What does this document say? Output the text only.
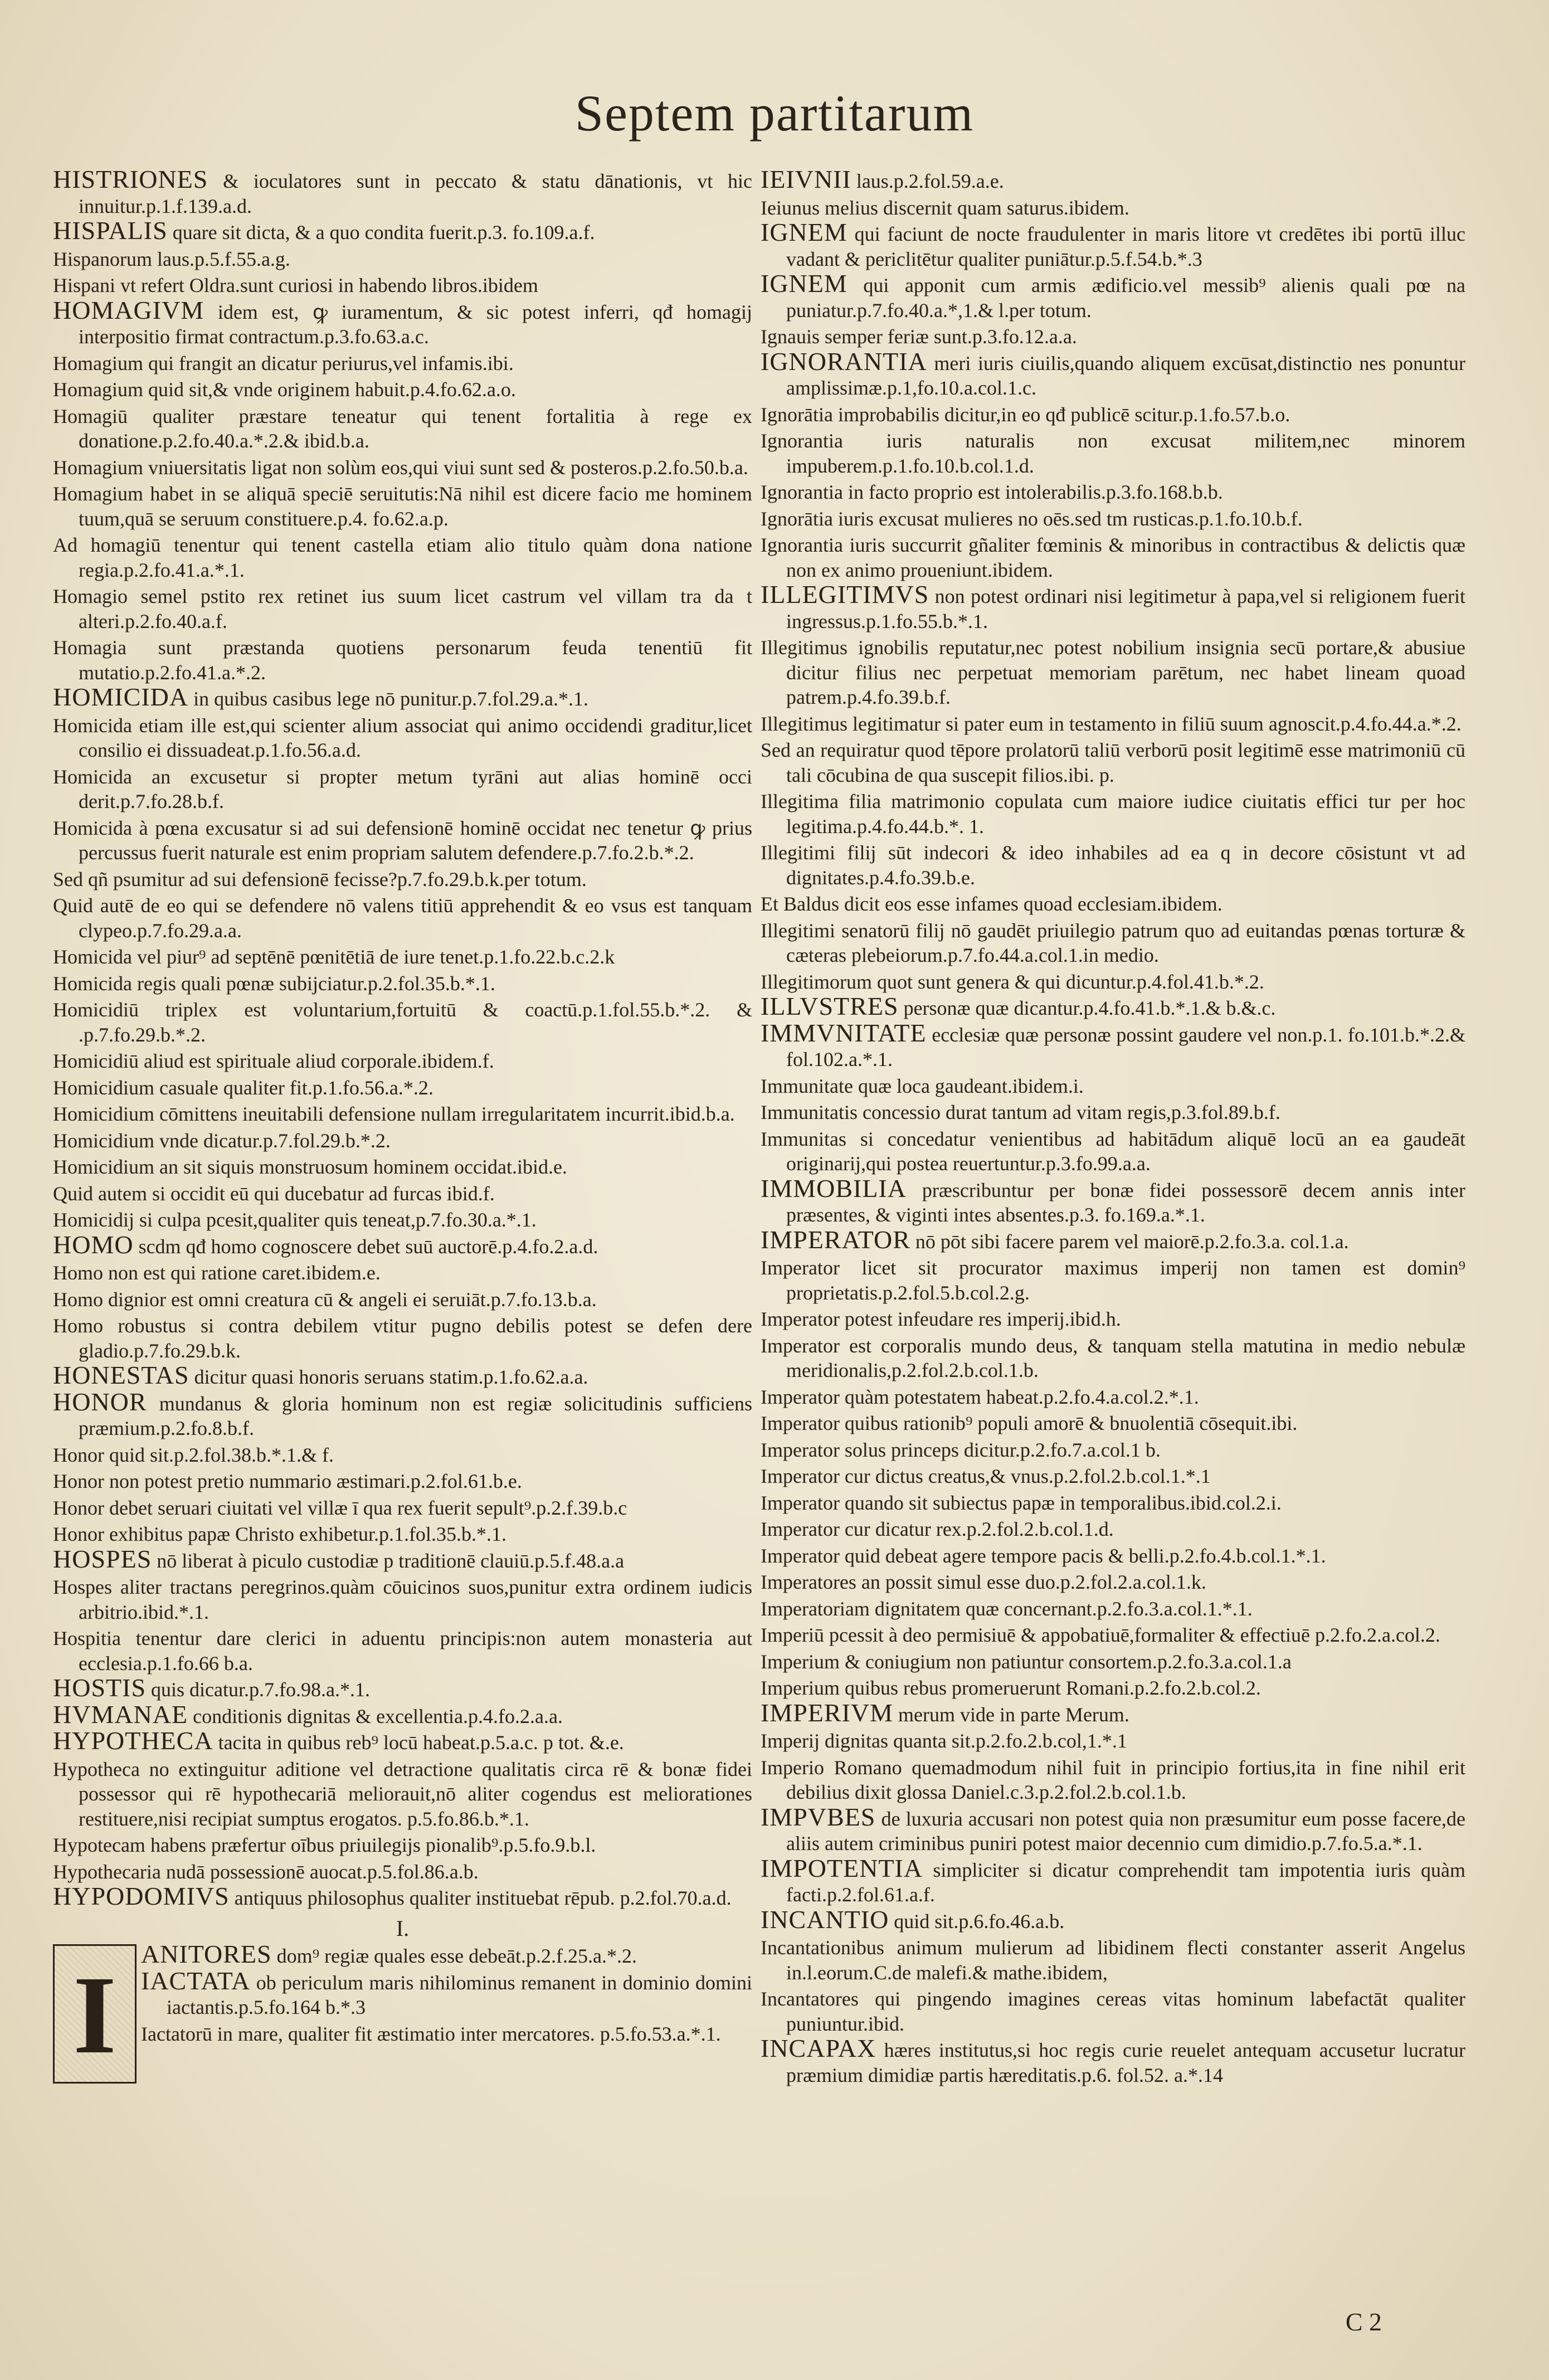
Septem partitarum

HISTRIONES & ioculatores sunt in peccato & statu dānationis, vt hic innuitur.p.1.f.139.a.d.

HISPALIS quare sit dicta, & a quo condita fuerit.p.3. fo.109.a.f.

Hispanorum laus.p.5.f.55.a.g.

Hispani vt refert Oldra.sunt curiosi in habendo libros.ibidem

HOMAGIVM idem est, ꝙ iuramentum, & sic potest inferri, qđ homagij interpositio firmat contractum.p.3.fo.63.a.c.

Homagium qui frangit an dicatur periurus,vel infamis.ibi.

Homagium quid sit,& vnde originem habuit.p.4.fo.62.a.o.

Homagiū qualiter præstare teneatur qui tenent fortalitia à rege ex donatione.p.2.fo.40.a.*.2.& ibid.b.a.

Homagium vniuersitatis ligat non solùm eos,qui viui sunt sed & posteros.p.2.fo.50.b.a.

Homagium habet in se aliquā speciē seruitutis:Nā nihil est dicere facio me hominem tuum,quā se seruum constituere.p.4. fo.62.a.p.

Ad homagiū tenentur qui tenent castella etiam alio titulo quàm dona natione regia.p.2.fo.41.a.*.1.

Homagio semel pstito rex retinet ius suum licet castrum vel villam tra da t alteri.p.2.fo.40.a.f.

Homagia sunt præstanda quotiens personarum feuda tenentiū fit mutatio.p.2.fo.41.a.*.2.

HOMICIDA in quibus casibus lege nō punitur.p.7.fol.29.a.*.1.

Homicida etiam ille est,qui scienter alium associat qui animo occidendi graditur,licet consilio ei dissuadeat.p.1.fo.56.a.d.

Homicida an excusetur si propter metum tyrāni aut alias hominē occi derit.p.7.fo.28.b.f.

Homicida à pœna excusatur si ad sui defensionē hominē occidat nec tenetur ꝙ prius percussus fuerit naturale est enim propriam salutem defendere.p.7.fo.2.b.*.2.

Sed qñ psumitur ad sui defensionē fecisse?p.7.fo.29.b.k.per totum.

Quid autē de eo qui se defendere nō valens titiū apprehendit & eo vsus est tanquam clypeo.p.7.fo.29.a.a.

Homicida vel piur⁹ ad septēnē pœnitētiā de iure tenet.p.1.fo.22.b.c.2.k

Homicida regis quali pœnæ subijciatur.p.2.fol.35.b.*.1.

Homicidiū triplex est voluntarium,fortuitū & coactū.p.1.fol.55.b.*.2. & .p.7.fo.29.b.*.2.

Homicidiū aliud est spirituale aliud corporale.ibidem.f.

Homicidium casuale qualiter fit.p.1.fo.56.a.*.2.

Homicidium cōmittens ineuitabili defensione nullam irregularitatem incurrit.ibid.b.a.

Homicidium vnde dicatur.p.7.fol.29.b.*.2.

Homicidium an sit siquis monstruosum hominem occidat.ibid.e.

Quid autem si occidit eū qui ducebatur ad furcas ibid.f.

Homicidij si culpa pcesit,qualiter quis teneat,p.7.fo.30.a.*.1.

HOMO scdm qđ homo cognoscere debet suū auctorē.p.4.fo.2.a.d.

Homo non est qui ratione caret.ibidem.e.

Homo dignior est omni creatura cū & angeli ei seruiāt.p.7.fo.13.b.a.

Homo robustus si contra debilem vtitur pugno debilis potest se defen dere gladio.p.7.fo.29.b.k.

HONESTAS dicitur quasi honoris seruans statim.p.1.fo.62.a.a.

HONOR mundanus & gloria hominum non est regiæ solicitudinis sufficiens præmium.p.2.fo.8.b.f.

Honor quid sit.p.2.fol.38.b.*.1.& f.

Honor non potest pretio nummario æstimari.p.2.fol.61.b.e.

Honor debet seruari ciuitati vel villæ ī qua rex fuerit sepult⁹.p.2.f.39.b.c

Honor exhibitus papæ Christo exhibetur.p.1.fol.35.b.*.1.

HOSPES nō liberat à piculo custodiæ p traditionē clauiū.p.5.f.48.a.a

Hospes aliter tractans peregrinos.quàm cōuicinos suos,punitur extra ordinem iudicis arbitrio.ibid.*.1.

Hospitia tenentur dare clerici in aduentu principis:non autem monasteria aut ecclesia.p.1.fo.66 b.a.

HOSTIS quis dicatur.p.7.fo.98.a.*.1.

HVMANAE conditionis dignitas & excellentia.p.4.fo.2.a.a.

HYPOTHECA tacita in quibus reb⁹ locū habeat.p.5.a.c. p tot. &.e.

Hypotheca no extinguitur aditione vel detractione qualitatis circa rē & bonæ fidei possessor qui rē hypothecariā meliorauit,nō aliter cogendus est meliorationes restituere,nisi recipiat sumptus erogatos. p.5.fo.86.b.*.1.

Hypotecam habens præfertur oībus priuilegijs pionalib⁹.p.5.fo.9.b.l.

Hypothecaria nudā possessionē auocat.p.5.fol.86.a.b.

HYPODOMIVS antiquus philosophus qualiter instituebat rēpub. p.2.fol.70.a.d.

I.

I ANITORES dom⁹ regiæ quales esse debeāt.p.2.f.25.a.*.2.

IACTATA ob periculum maris nihilominus remanent in dominio domini iactantis.p.5.fo.164 b.*.3

Iactatorū in mare, qualiter fit æstimatio inter mercatores. p.5.fo.53.a.*.1.

IEIVNII laus.p.2.fol.59.a.e.

Ieiunus melius discernit quam saturus.ibidem.

IGNEM qui faciunt de nocte fraudulenter in maris litore vt credētes ibi portū illuc vadant & periclitētur qualiter puniātur.p.5.f.54.b.*.3

IGNEM qui apponit cum armis ædificio.vel messib⁹ alienis quali pœ na puniatur.p.7.fo.40.a.*,1.& l.per totum.

Ignauis semper feriæ sunt.p.3.fo.12.a.a.

IGNORANTIA meri iuris ciuilis,quando aliquem excūsat,distinctio nes ponuntur amplissimæ.p.1,fo.10.a.col.1.c.

Ignorātia improbabilis dicitur,in eo qđ publicē scitur.p.1.fo.57.b.o.

Ignorantia iuris naturalis non excusat militem,nec minorem impuberem.p.1.fo.10.b.col.1.d.

Ignorantia in facto proprio est intolerabilis.p.3.fo.168.b.b.

Ignorātia iuris excusat mulieres no oēs.sed tm rusticas.p.1.fo.10.b.f.

Ignorantia iuris succurrit gñaliter fœminis & minoribus in contractibus & delictis quæ non ex animo proueniunt.ibidem.

ILLEGITIMVS non potest ordinari nisi legitimetur à papa,vel si religionem fuerit ingressus.p.1.fo.55.b.*.1.

Illegitimus ignobilis reputatur,nec potest nobilium insignia secū portare,& abusiue dicitur filius nec perpetuat memoriam parētum, nec habet lineam quoad patrem.p.4.fo.39.b.f.

Illegitimus legitimatur si pater eum in testamento in filiū suum agnoscit.p.4.fo.44.a.*.2.

Sed an requiratur quod tēpore prolatorū taliū verborū posit legitimē esse matrimoniū cū tali cōcubina de qua suscepit filios.ibi. p.

Illegitima filia matrimonio copulata cum maiore iudice ciuitatis effici tur per hoc legitima.p.4.fo.44.b.*. 1.

Illegitimi filij sūt indecori & ideo inhabiles ad ea q in decore cōsistunt vt ad dignitates.p.4.fo.39.b.e.

Et Baldus dicit eos esse infames quoad ecclesiam.ibidem.

Illegitimi senatorū filij nō gaudēt priuilegio patrum quo ad euitandas pœnas torturæ & cæteras plebeiorum.p.7.fo.44.a.col.1.in medio.

Illegitimorum quot sunt genera & qui dicuntur.p.4.fol.41.b.*.2.

ILLVSTRES personæ quæ dicantur.p.4.fo.41.b.*.1.& b.&.c.

IMMVNITATE ecclesiæ quæ personæ possint gaudere vel non.p.1. fo.101.b.*.2.& fol.102.a.*.1.

Immunitate quæ loca gaudeant.ibidem.i.

Immunitatis concessio durat tantum ad vitam regis,p.3.fol.89.b.f.

Immunitas si concedatur venientibus ad habitādum aliquē locū an ea gaudeāt originarij,qui postea reuertuntur.p.3.fo.99.a.a.

IMMOBILIA præscribuntur per bonæ fidei possessorē decem annis inter præsentes, & viginti intes absentes.p.3. fo.169.a.*.1.

IMPERATOR nō pōt sibi facere parem vel maiorē.p.2.fo.3.a. col.1.a.

Imperator licet sit procurator maximus imperij non tamen est domin⁹ proprietatis.p.2.fol.5.b.col.2.g.

Imperator potest infeudare res imperij.ibid.h.

Imperator est corporalis mundo deus, & tanquam stella matutina in medio nebulæ meridionalis,p.2.fol.2.b.col.1.b.

Imperator quàm potestatem habeat.p.2.fo.4.a.col.2.*.1.

Imperator quibus rationib⁹ populi amorē & bnuolentiā cōsequit.ibi.

Imperator solus princeps dicitur.p.2.fo.7.a.col.1 b.

Imperator cur dictus creatus,& vnus.p.2.fol.2.b.col.1.*.1

Imperator quando sit subiectus papæ in temporalibus.ibid.col.2.i.

Imperator cur dicatur rex.p.2.fol.2.b.col.1.d.

Imperator quid debeat agere tempore pacis & belli.p.2.fo.4.b.col.1.*.1.

Imperatores an possit simul esse duo.p.2.fol.2.a.col.1.k.

Imperatoriam dignitatem quæ concernant.p.2.fo.3.a.col.1.*.1.

Imperiū pcessit à deo permisiuē & appobatiuē,formaliter & effectiuē p.2.fo.2.a.col.2.

Imperium & coniugium non patiuntur consortem.p.2.fo.3.a.col.1.a

Imperium quibus rebus promeruerunt Romani.p.2.fo.2.b.col.2.

IMPERIVM merum vide in parte Merum.

Imperij dignitas quanta sit.p.2.fo.2.b.col,1.*.1

Imperio Romano quemadmodum nihil fuit in principio fortius,ita in fine nihil erit debilius dixit glossa Daniel.c.3.p.2.fol.2.b.col.1.b.

IMPVBES de luxuria accusari non potest quia non præsumitur eum posse facere,de aliis autem criminibus puniri potest maior decennio cum dimidio.p.7.fo.5.a.*.1.

IMPOTENTIA simpliciter si dicatur comprehendit tam impotentia iuris quàm facti.p.2.fol.61.a.f.

INCANTIO quid sit.p.6.fo.46.a.b.

Incantationibus animum mulierum ad libidinem flecti constanter asserit Angelus in.l.eorum.C.de malefi.& mathe.ibidem,

Incantatores qui pingendo imagines cereas vitas hominum labefactāt qualiter puniuntur.ibid.

INCAPAX hæres institutus,si hoc regis curie reuelet antequam accusetur lucratur præmium dimidiæ partis hæreditatis.p.6. fol.52. a.*.14

C 2
